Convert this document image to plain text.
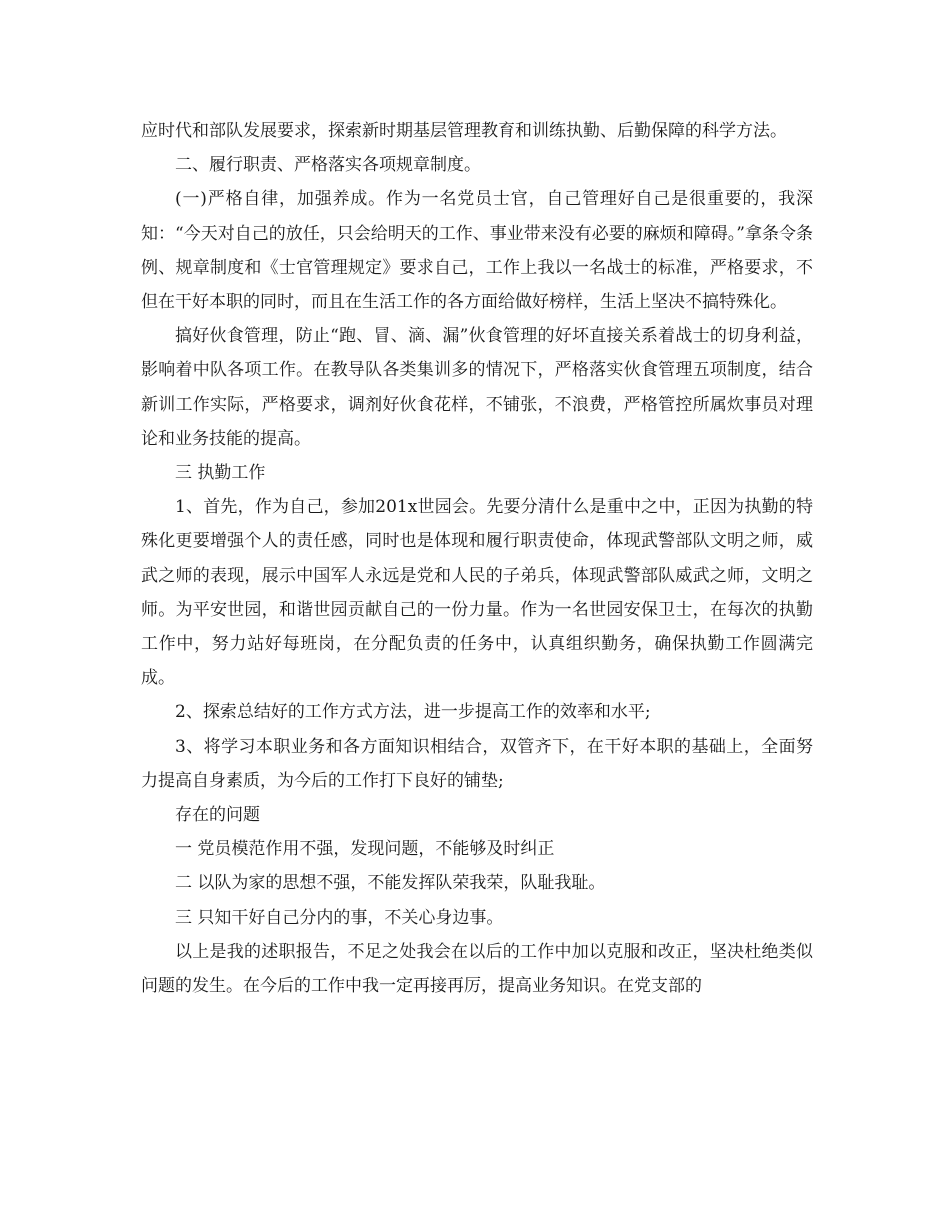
应时代和部队发展要求，探索新时期基层管理教育和训练执勤、后勤保障的科学方法。

二、履行职责、严格落实各项规章制度。

(一)严格自律，加强养成。作为一名党员士官，自己管理好自己是很重要的，我深知：“今天对自己的放任，只会给明天的工作、事业带来没有必要的麻烦和障碍。”拿条令条例、规章制度和《士官管理规定》要求自己，工作上我以一名战士的标准，严格要求，不但在干好本职的同时，而且在生活工作的各方面给做好榜样，生活上坚决不搞特殊化。

搞好伙食管理，防止“跑、冒、滴、漏”伙食管理的好坏直接关系着战士的切身利益，影响着中队各项工作。在教导队各类集训多的情况下，严格落实伙食管理五项制度，结合新训工作实际，严格要求，调剂好伙食花样，不铺张，不浪费，严格管控所属炊事员对理论和业务技能的提高。

三 执勤工作

1、首先，作为自己，参加201x世园会。先要分清什么是重中之中，正因为执勤的特殊化更要增强个人的责任感，同时也是体现和履行职责使命，体现武警部队文明之师，威武之师的表现，展示中国军人永远是党和人民的子弟兵，体现武警部队威武之师，文明之师。为平安世园，和谐世园贡献自己的一份力量。作为一名世园安保卫士，在每次的执勤工作中，努力站好每班岗，在分配负责的任务中，认真组织勤务，确保执勤工作圆满完成。

2、探索总结好的工作方式方法，进一步提高工作的效率和水平;

3、将学习本职业务和各方面知识相结合，双管齐下，在干好本职的基础上，全面努力提高自身素质，为今后的工作打下良好的铺垫;

存在的问题

一 党员模范作用不强，发现问题，不能够及时纠正

二 以队为家的思想不强，不能发挥队荣我荣，队耻我耻。

三 只知干好自己分内的事，不关心身边事。

以上是我的述职报告，不足之处我会在以后的工作中加以克服和改正，坚决杜绝类似问题的发生。在今后的工作中我一定再接再厉，提高业务知识。在党支部的
